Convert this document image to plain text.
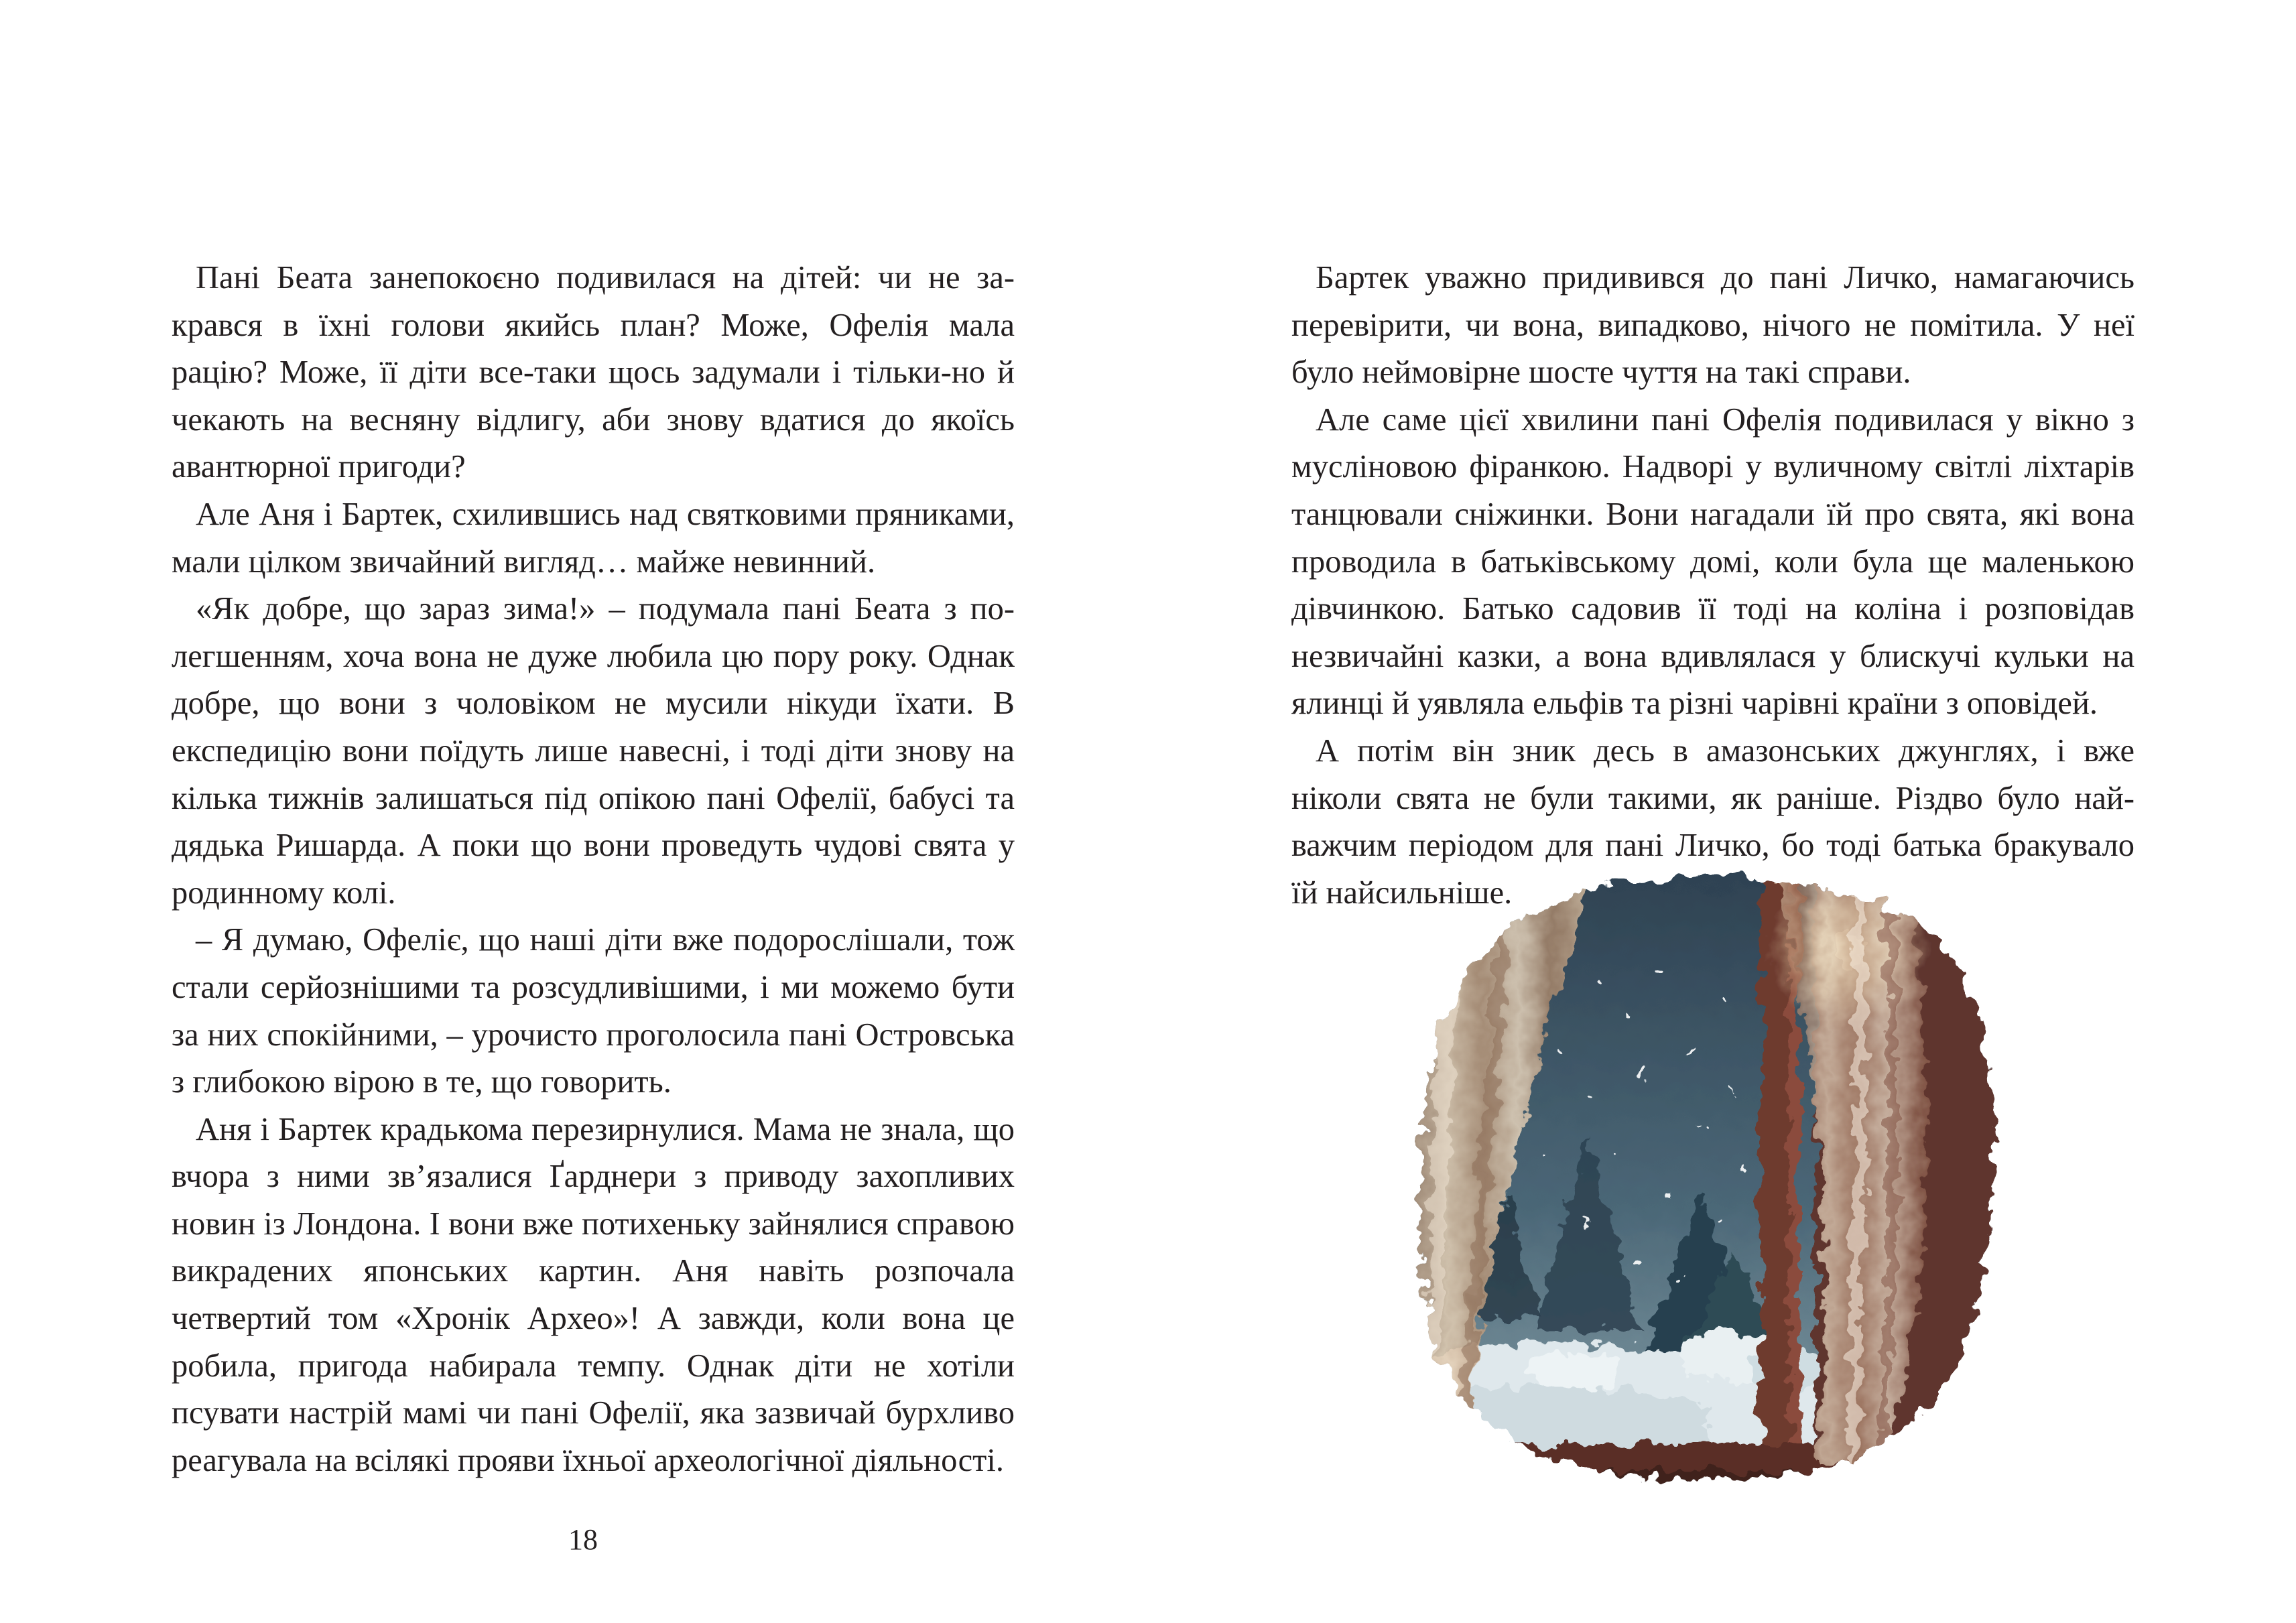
Пані Беата занепокоєно подивилася на дітей: чи не закрався в їхні голови якийсь план? Може, Офелія мала рацію? Може, її діти все-таки щось задумали і тільки-но й чекають на весняну відлигу, аби знову вдатися до якоїсь авантюрної пригоди?

Але Аня і Бартек, схилившись над святковими пряниками, мали цілком звичайний вигляд… майже невинний.

«Як добре, що зараз зима!» – подумала пані Беата з полегшенням, хоча вона не дуже любила цю пору року. Однак добре, що вони з чоловіком не мусили нікуди їхати. В експедицію вони поїдуть лише навесні, і тоді діти знову на кілька тижнів залишаться під опікою пані Офелії, бабусі та дядька Ришарда. А поки що вони проведуть чудові свята у родинному колі.

– Я думаю, Офеліє, що наші діти вже подорослішали, тож стали серйознішими та розсудливішими, і ми можемо бути за них спокійними, – урочисто проголосила пані Островська з глибокою вірою в те, що говорить.

Аня і Бартек крадькома перезирнулися. Мама не знала, що вчора з ними зв’язалися Ґарднери з приводу захопливих новин із Лондона. І вони вже потихеньку зайнялися справою викрадених японських картин. Аня навіть розпочала четвертий том «Хронік Археo»! А завжди, коли вона це робила, пригода набирала темпу. Однак діти не хотіли псувати настрій мамі чи пані Офелії, яка зазвичай бурхливо реагувала на всілякі прояви їхньої археологічної діяльності.

18

Бартек уважно придивився до пані Личко, намагаючись перевірити, чи вона, випадково, нічого не помітила. У неї було неймовірне шосте чуття на такі справи.

Але саме цієї хвилини пані Офелія подивилася у вікно з мусліновою фіранкою. Надворі у вуличному світлі ліхтарів танцювали сніжинки. Вони нагадали їй про свята, які вона проводила в батьківському домі, коли була ще маленькою дівчинкою. Батько садовив її тоді на коліна і розповідав незвичайні казки, а вона вдивлялася у блискучі кульки на ялинці й уявляла ельфів та різні чарівні країни з оповідей.

А потім він зник десь в амазонських джунглях, і вже ніколи свята не були такими, як раніше. Різдво було найважчим періодом для пані Личко, бо тоді батька бракувало їй найсильніше.
